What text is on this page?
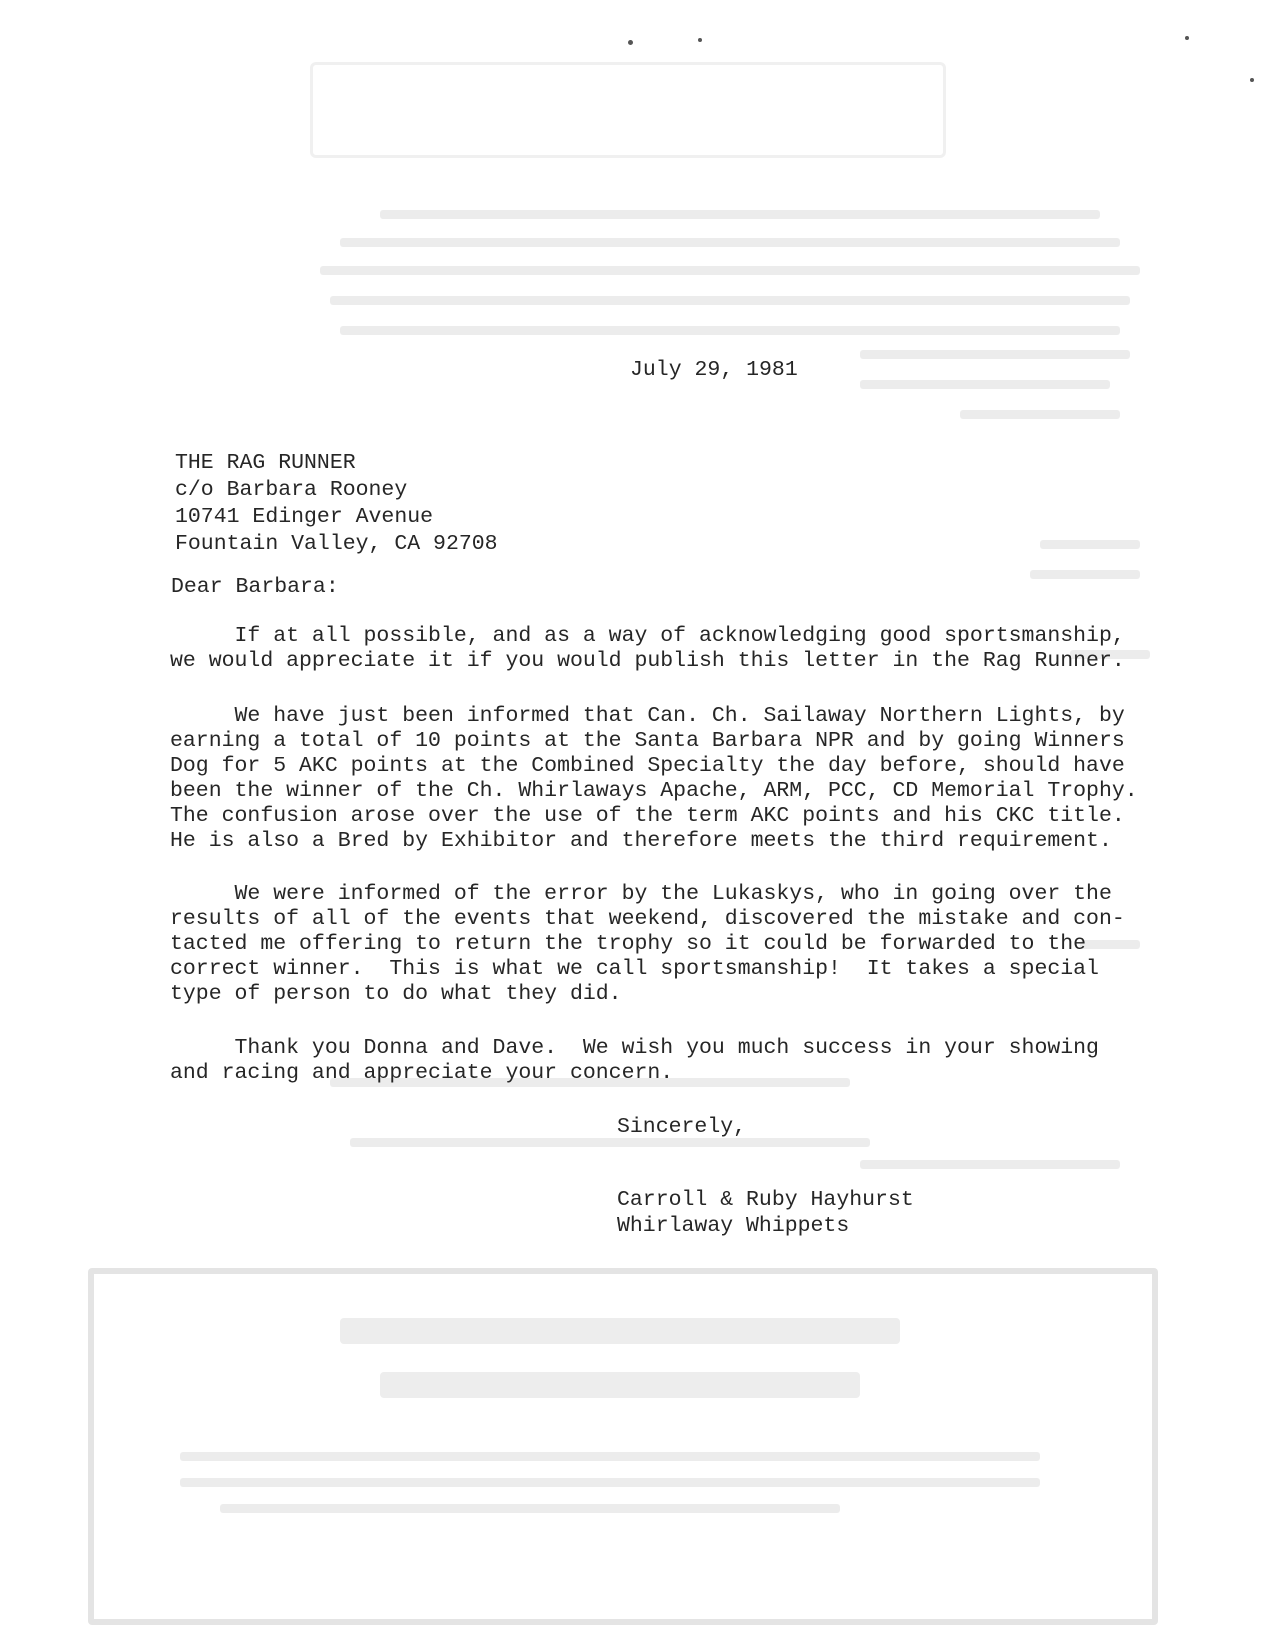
July 29, 1981
THE RAG RUNNER
c/o Barbara Rooney
10741 Edinger Avenue
Fountain Valley, CA 92708
Dear Barbara:
If at all possible, and as a way of acknowledging good sportsmanship,
we would appreciate it if you would publish this letter in the Rag Runner.
We have just been informed that Can. Ch. Sailaway Northern Lights, by
earning a total of 10 points at the Santa Barbara NPR and by going Winners
Dog for 5 AKC points at the Combined Specialty the day before, should have
been the winner of the Ch. Whirlaways Apache, ARM, PCC, CD Memorial Trophy.
The confusion arose over the use of the term AKC points and his CKC title.
He is also a Bred by Exhibitor and therefore meets the third requirement.
We were informed of the error by the Lukaskys, who in going over the
results of all of the events that weekend, discovered the mistake and con-
tacted me offering to return the trophy so it could be forwarded to the
correct winner.  This is what we call sportsmanship!  It takes a special
type of person to do what they did.
Thank you Donna and Dave.  We wish you much success in your showing
and racing and appreciate your concern.
Sincerely,
Carroll & Ruby Hayhurst
Whirlaway Whippets
